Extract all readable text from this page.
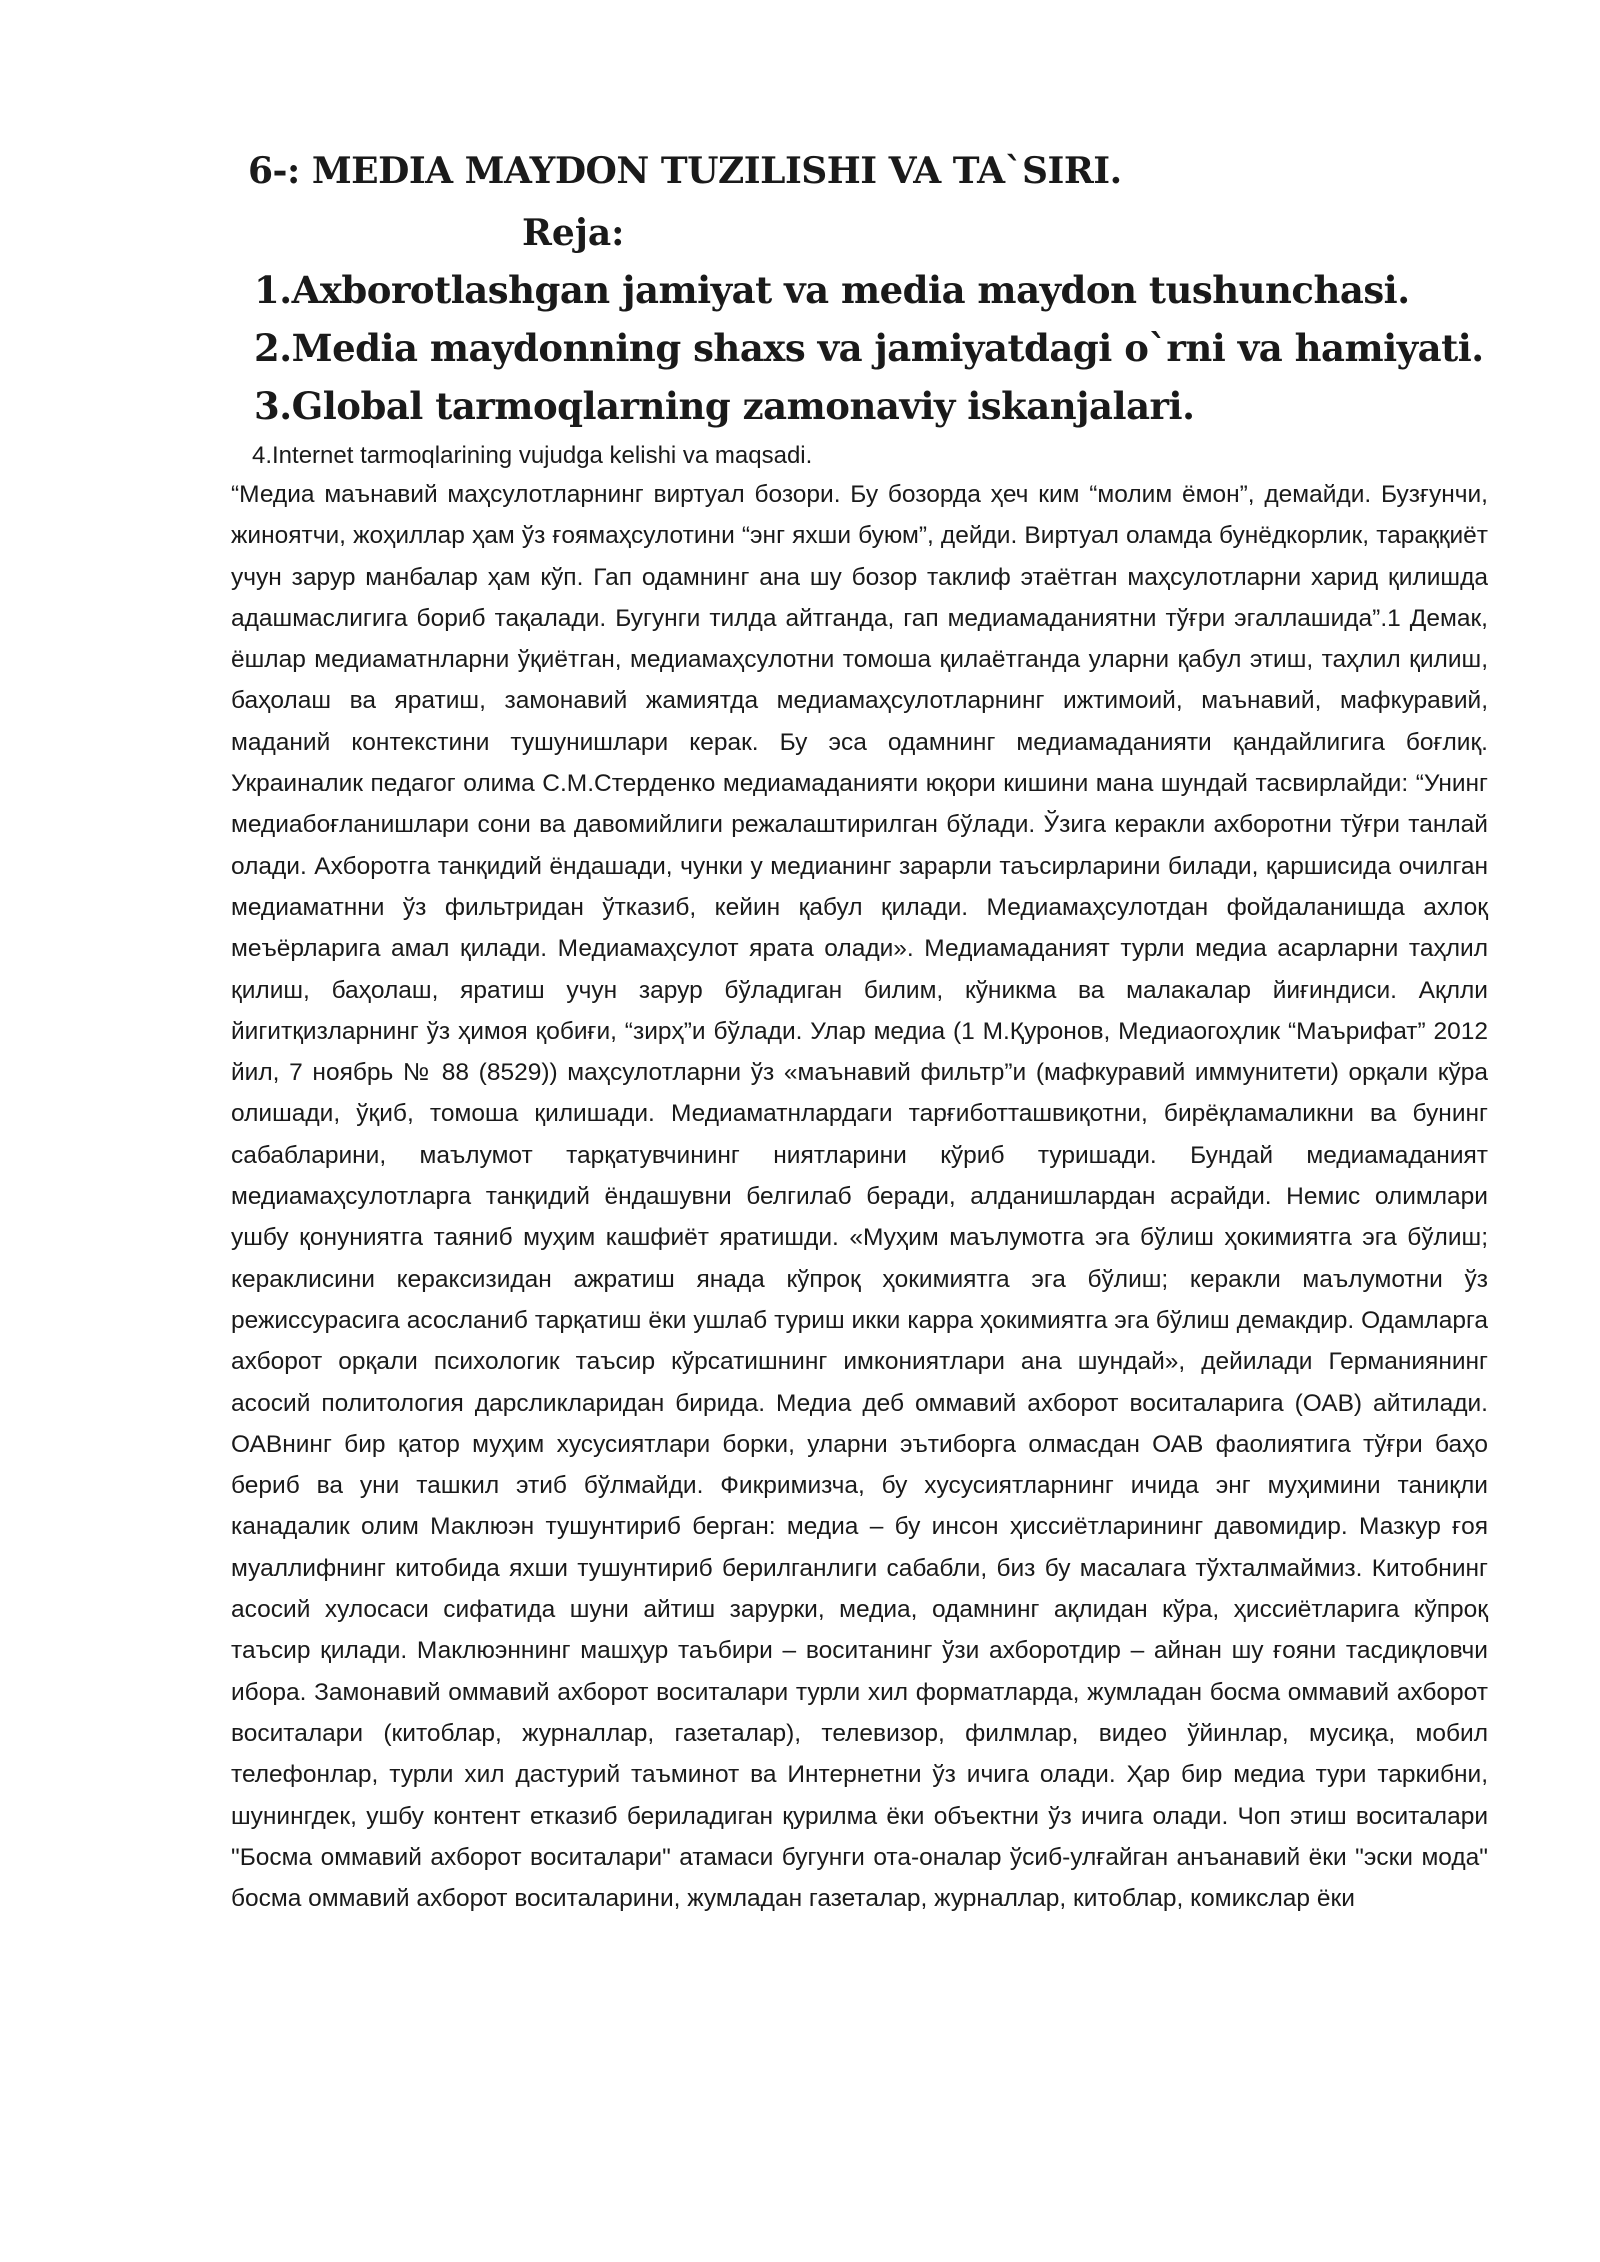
6-: MEDIA MAYDON TUZILISHI VA TA`SIRI.
Reja:

1.Axborotlashgan jamiyat va media maydon tushunchasi.

2.Media maydonning shaxs va jamiyatdagi o`rni va hamiyati.

3.Global tarmoqlarning zamonaviy iskanjalari.

4.Internet tarmoqlarining vujudga kelishi va maqsadi.

“Медиа маънавий маҳсулотларнинг виртуал бозори. Бу бозорда ҳеч ким “молим ёмон”, демайди. Бузғунчи, жиноятчи, жоҳиллар ҳам ўз ғоямаҳсулотини “энг яхши буюм”, дейди. Виртуал оламда бунёдкорлик, тараққиёт учун зарур манбалар ҳам кўп. Гап одамнинг ана шу бозор таклиф этаётган маҳсулотларни харид қилишда адашмаслигига бориб тақалади. Бугунги тилда айтганда, гап медиамаданиятни тўғри эгаллашида”.1 Демак, ёшлар медиаматнларни ўқиётган, медиамаҳсулотни томоша қилаётганда уларни қабул этиш, таҳлил қилиш, баҳолаш ва яратиш, замонавий жамиятда медиамаҳсулотларнинг ижтимоий, маънавий, мафкуравий, маданий контекстини тушунишлари керак. Бу эса одамнинг медиамаданияти қандайлигига боғлиқ. Украиналик педагог олима С.М.Стерденко медиамаданияти юқори кишини мана шундай тасвирлайди: “Унинг медиабоғланишлари сони ва давомийлиги режалаштирилган бўлади. Ўзига керакли ахборотни тўғри танлай олади. Ахборотга танқидий ёндашади, чунки у медианинг зарарли таъсирларини билади, қаршисида очилган медиаматнни ўз фильтридан ўтказиб, кейин қабул қилади. Медиамаҳсулотдан фойдаланишда ахлоқ меъёрларига амал қилади. Медиамаҳсулот ярата олади». Медиамаданият турли медиа асарларни таҳлил қилиш, баҳолаш, яратиш учун зарур бўладиган билим, кўникма ва малакалар йиғиндиси. Ақлли йигитқизларнинг ўз ҳимоя қобиғи, “зирҳ”и бўлади. Улар медиа (1 М.Қуронов, Медиаогоҳлик “Маърифат” 2012 йил, 7 ноябрь № 88 (8529)) маҳсулотларни ўз «маънавий фильтр”и (мафкуравий иммунитети) орқали кўра олишади, ўқиб, томоша қилишади. Медиаматнлардаги тарғиботташвиқотни, бирёқламаликни ва бунинг сабабларини, маълумот тарқатувчининг ниятларини кўриб туришади. Бундай медиамаданият медиамаҳсулотларга танқидий ёндашувни белгилаб беради, алданишлардан асрайди. Немис олимлари ушбу қонуниятга таяниб муҳим кашфиёт яратишди. «Муҳим маълумотга эга бўлиш ҳокимиятга эга бўлиш; кераклисини кераксизидан ажратиш янада кўпроқ ҳокимиятга эга бўлиш; керакли маълумотни ўз режиссурасига асосланиб тарқатиш ёки ушлаб туриш икки карра ҳокимиятга эга бўлиш демакдир. Одамларга ахборот орқали психологик таъсир кўрсатишнинг имкониятлари ана шундай», дейилади Германиянинг асосий политология дарсликларидан бирида. Медиа деб оммавий ахборот воситаларига (ОАВ) айтилади. ОАВнинг бир қатор муҳим хусусиятлари борки, уларни эътиборга олмасдан ОАВ фаолиятига тўғри баҳо бериб ва уни ташкил этиб бўлмайди. Фикримизча, бу хусусиятларнинг ичида энг муҳимини таниқли канадалик олим Маклюэн тушунтириб берган: медиа – бу инсон ҳиссиётларининг давомидир. Мазкур ғоя муаллифнинг китобида яхши тушунтириб берилганлиги сабабли, биз бу масалага тўхталмаймиз. Китобнинг асосий хулосаси сифатида шуни айтиш зарурки, медиа, одамнинг ақлидан кўра, ҳиссиётларига кўпроқ таъсир қилади. Маклюэннинг машҳур таъбири – воситанинг ўзи ахборотдир – айнан шу ғояни тасдиқловчи ибора. Замонавий оммавий ахборот воситалари турли хил форматларда, жумладан босма оммавий ахборот воситалари (китоблар, журналлар, газеталар), телевизор, филмлар, видео ўйинлар, мусиқа, мобил телефонлар, турли хил дастурий таъминот ва Интернетни ўз ичига олади. Ҳар бир медиа тури таркибни, шунингдек, ушбу контент етказиб бериладиган қурилма ёки объектни ўз ичига олади. Чоп этиш воситалари "Босма оммавий ахборот воситалари" атамаси бугунги ота-оналар ўсиб-улғайган анъанавий ёки "эски мода" босма оммавий ахборот воситаларини, жумладан газеталар, журналлар, китоблар, комикслар ёки
